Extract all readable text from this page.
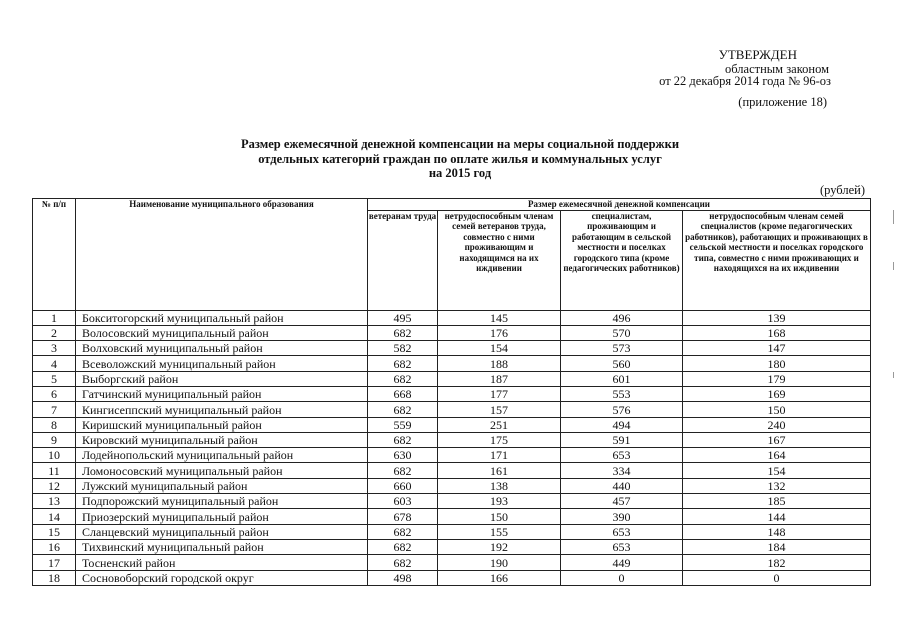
УТВЕРЖДЕН
областным законом
от 22 декабря 2014 года № 96-оз
(приложение 18)
Размер ежемесячной денежной компенсации на меры социальной поддержки
отдельных категорий граждан по оплате жилья и коммунальных услуг
на 2015 год
(рублей)
№ п/п	Наименование муниципального образования	Размер ежемесячной денежной компенсации			
		ветеранам труда	нетрудоспособным членам семей ветеранов труда, совместно с ними проживающим и находящимся на их иждивении	специалистам, проживающим и работающим в сельской местности и поселках городского типа (кроме педагогических работников)	нетрудоспособным членам семей специалистов (кроме педагогических работников), работающих и проживающих в сельской местности и поселках городского типа, совместно с ними проживающих и находящихся на их иждивении
1	Бокситогорский муниципальный район	495	145	496	139
2	Волосовский муниципальный район	682	176	570	168
3	Волховский муниципальный район	582	154	573	147
4	Всеволожский муниципальный район	682	188	560	180
5	Выборгский район	682	187	601	179
6	Гатчинский муниципальный район	668	177	553	169
7	Кингисеппский муниципальный район	682	157	576	150
8	Киришский муниципальный район	559	251	494	240
9	Кировский муниципальный район	682	175	591	167
10	Лодейнопольский муниципальный район	630	171	653	164
11	Ломоносовский муниципальный район	682	161	334	154
12	Лужский муниципальный район	660	138	440	132
13	Подпорожский муниципальный район	603	193	457	185
14	Приозерский муниципальный район	678	150	390	144
15	Сланцевский муниципальный район	682	155	653	148
16	Тихвинский муниципальный район	682	192	653	184
17	Тосненский район	682	190	449	182
18	Сосновоборский городской округ	498	166	0	0
